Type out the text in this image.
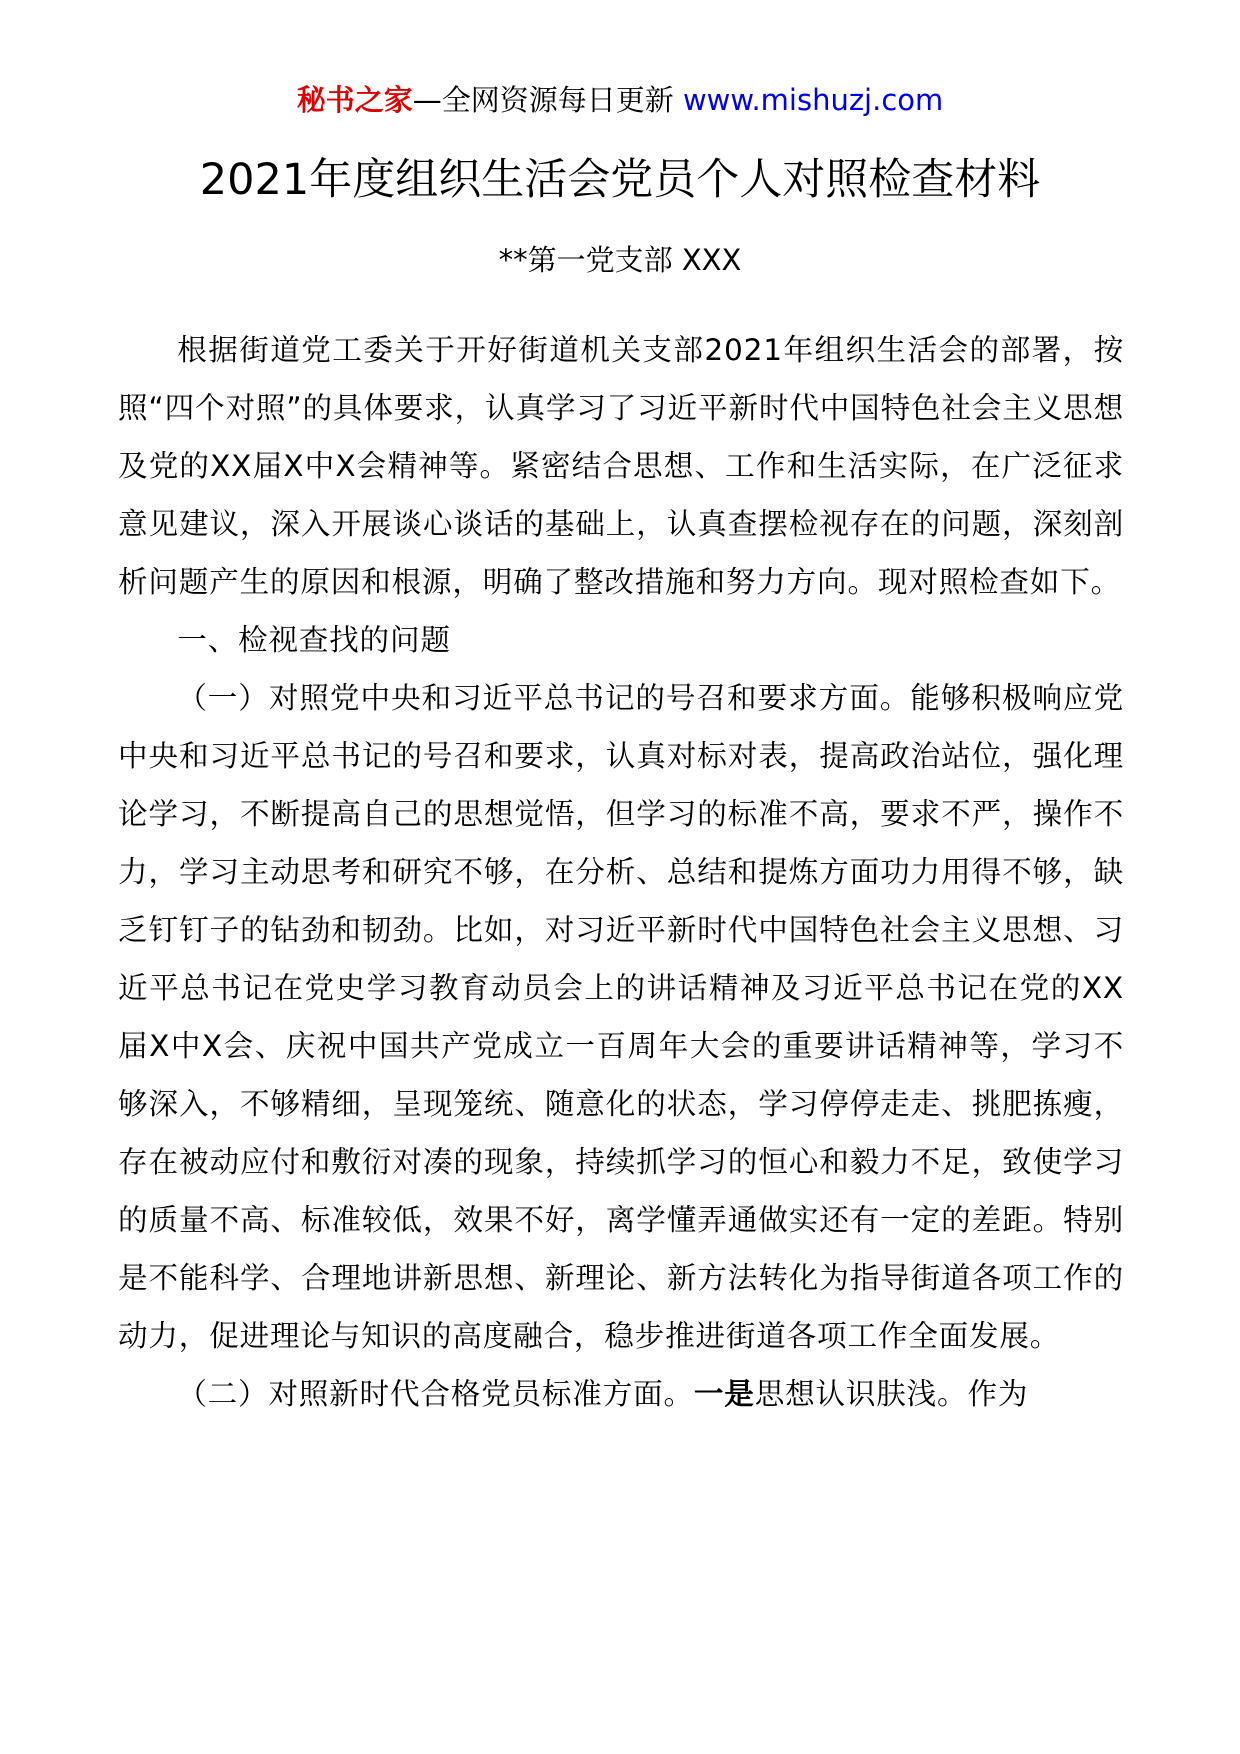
秘书之家—全网资源每日更新 www.mishuzj.com
2021年度组织生活会党员个人对照检查材料
**第一党支部 XXX

根据街道党工委关于开好街道机关支部2021年组织生活会的部署，按照“四个对照”的具体要求，认真学习了习近平新时代中国特色社会主义思想及党的XX届X中X会精神等。紧密结合思想、工作和生活实际，在广泛征求意见建议，深入开展谈心谈话的基础上，认真查摆检视存在的问题，深刻剖析问题产生的原因和根源，明确了整改措施和努力方向。现对照检查如下。

一、检视查找的问题

（一）对照党中央和习近平总书记的号召和要求方面。能够积极响应党中央和习近平总书记的号召和要求，认真对标对表，提高政治站位，强化理论学习，不断提高自己的思想觉悟，但学习的标准不高，要求不严，操作不力，学习主动思考和研究不够，在分析、总结和提炼方面功力用得不够，缺乏钉钉子的钻劲和韧劲。比如，对习近平新时代中国特色社会主义思想、习近平总书记在党史学习教育动员会上的讲话精神及习近平总书记在党的XX届X中X会、庆祝中国共产党成立一百周年大会的重要讲话精神等，学习不够深入，不够精细，呈现笼统、随意化的状态，学习停停走走、挑肥拣瘦，存在被动应付和敷衍对凑的现象，持续抓学习的恒心和毅力不足，致使学习的质量不高、标准较低，效果不好，离学懂弄通做实还有一定的差距。特别是不能科学、合理地讲新思想、新理论、新方法转化为指导街道各项工作的动力，促进理论与知识的高度融合，稳步推进街道各项工作全面发展。

（二）对照新时代合格党员标准方面。一是思想认识肤浅。作为
